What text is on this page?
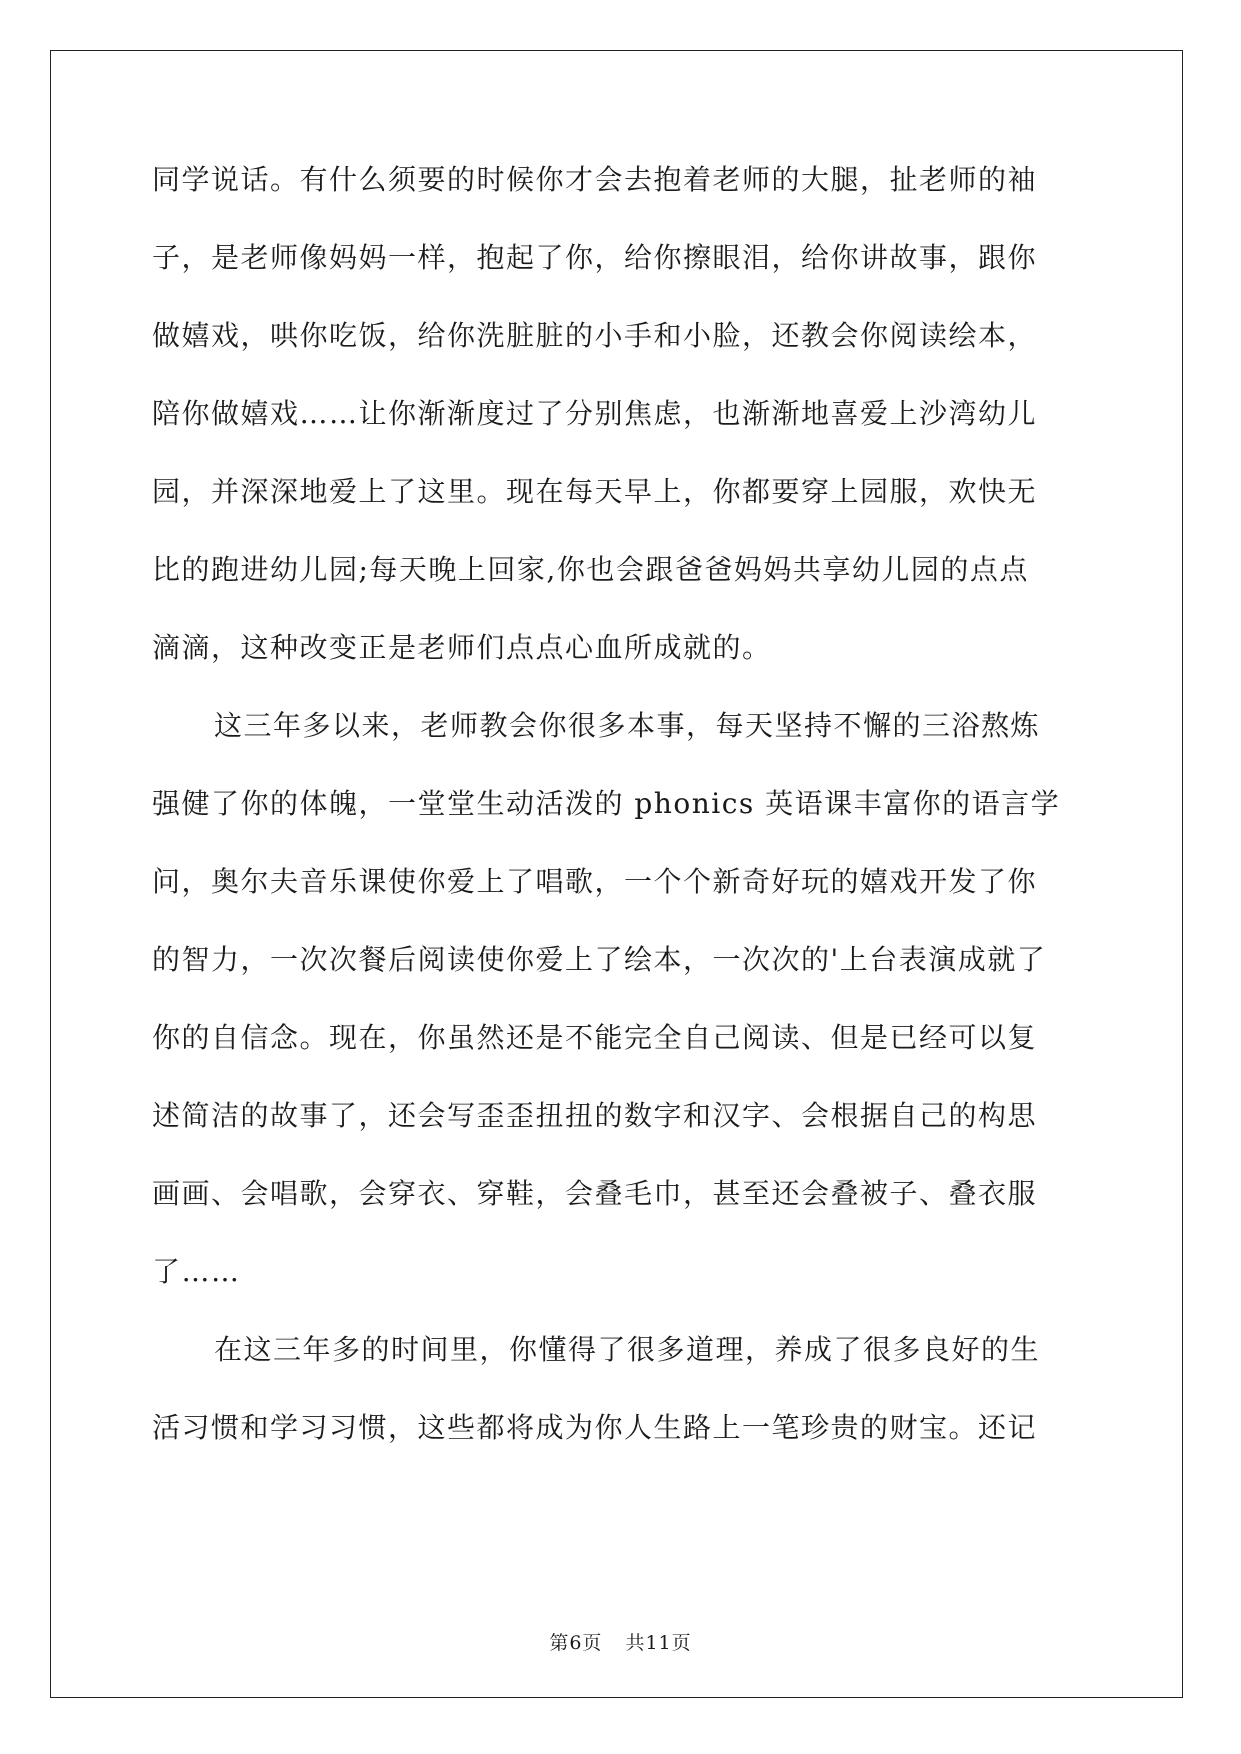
同学说话。有什么须要的时候你才会去抱着老师的大腿，扯老师的袖
子，是老师像妈妈一样，抱起了你，给你擦眼泪，给你讲故事，跟你
做嬉戏，哄你吃饭，给你洗脏脏的小手和小脸，还教会你阅读绘本，
陪你做嬉戏……让你渐渐度过了分别焦虑，也渐渐地喜爱上沙湾幼儿
园，并深深地爱上了这里。现在每天早上，你都要穿上园服，欢快无
比的跑进幼儿园;每天晚上回家,你也会跟爸爸妈妈共享幼儿园的点点
滴滴，这种改变正是老师们点点心血所成就的。
这三年多以来，老师教会你很多本事，每天坚持不懈的三浴熬炼
强健了你的体魄，一堂堂生动活泼的 phonics 英语课丰富你的语言学
问，奥尔夫音乐课使你爱上了唱歌，一个个新奇好玩的嬉戏开发了你
的智力，一次次餐后阅读使你爱上了绘本，一次次的'上台表演成就了
你的自信念。现在，你虽然还是不能完全自己阅读、但是已经可以复
述简洁的故事了，还会写歪歪扭扭的数字和汉字、会根据自己的构思
画画、会唱歌，会穿衣、穿鞋，会叠毛巾，甚至还会叠被子、叠衣服
了……
在这三年多的时间里，你懂得了很多道理，养成了很多良好的生
活习惯和学习习惯，这些都将成为你人生路上一笔珍贵的财宝。还记
第6页 共11页
